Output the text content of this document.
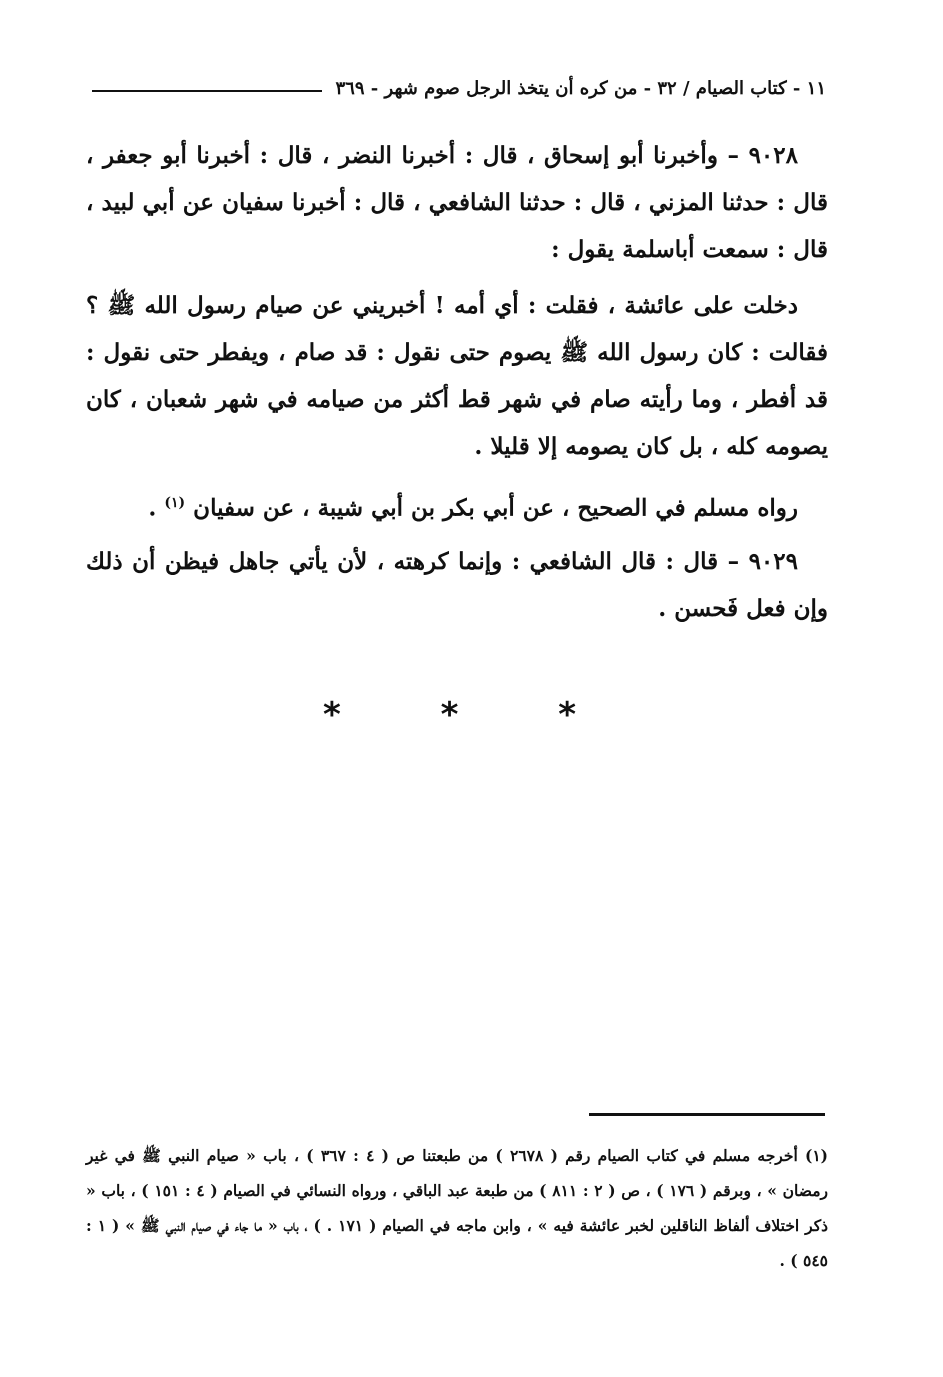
١١ - كتاب الصيام / ٣٢ - من كره أن يتخذ الرجل صوم شهر - ٣٦٩

٩٠٢٨ – وأخبرنا أبو إسحاق ، قال : أخبرنا النضر ، قال : أخبرنا أبو جعفر ، قال : حدثنا المزني ، قال : حدثنا الشافعي ، قال : أخبرنا سفيان عن أبي لبيد ، قال : سمعت أباسلمة يقول :

دخلت على عائشة ، فقلت : أي أمه ! أخبريني عن صيام رسول الله ﷺ ؟ فقالت : كان رسول الله ﷺ يصوم حتى نقول : قد صام ، ويفطر حتى نقول : قد أفطر ، وما رأيته صام في شهر قط أكثر من صيامه في شهر شعبان ، كان يصومه كله ، بل كان يصومه إلا قليلا .

رواه مسلم في الصحيح ، عن أبي بكر بن أبي شيبة ، عن سفيان $^{(١)}$ .

٩٠٢٩ – قال : قال الشافعي : وإنما كرهته ، لأن يأتي جاهل فيظن أن ذلك وإن فعل فَحسن .

* * *

(١) أخرجه مسلم في كتاب الصيام رقم ( ٢٦٧٨ ) من طبعتنا ص ( ٤ : ٣٦٧ ) ، باب « صيام النبي ﷺ في غير رمضان » ، وبرقم ( ١٧٦ ) ، ص ( ٢ : ٨١١ ) من طبعة عبد الباقي ، ورواه النسائي في الصيام ( ٤ : ١٥١ ) ، باب « ذكر اختلاف ألفاظ الناقلين لخبر عائشة فيه » ، وابن ماجه في الصيام ( ١٧١ . ) ، باب « ما جاء في صيام النبي ﷺ » ( ١ : ٥٤٥ ) .
